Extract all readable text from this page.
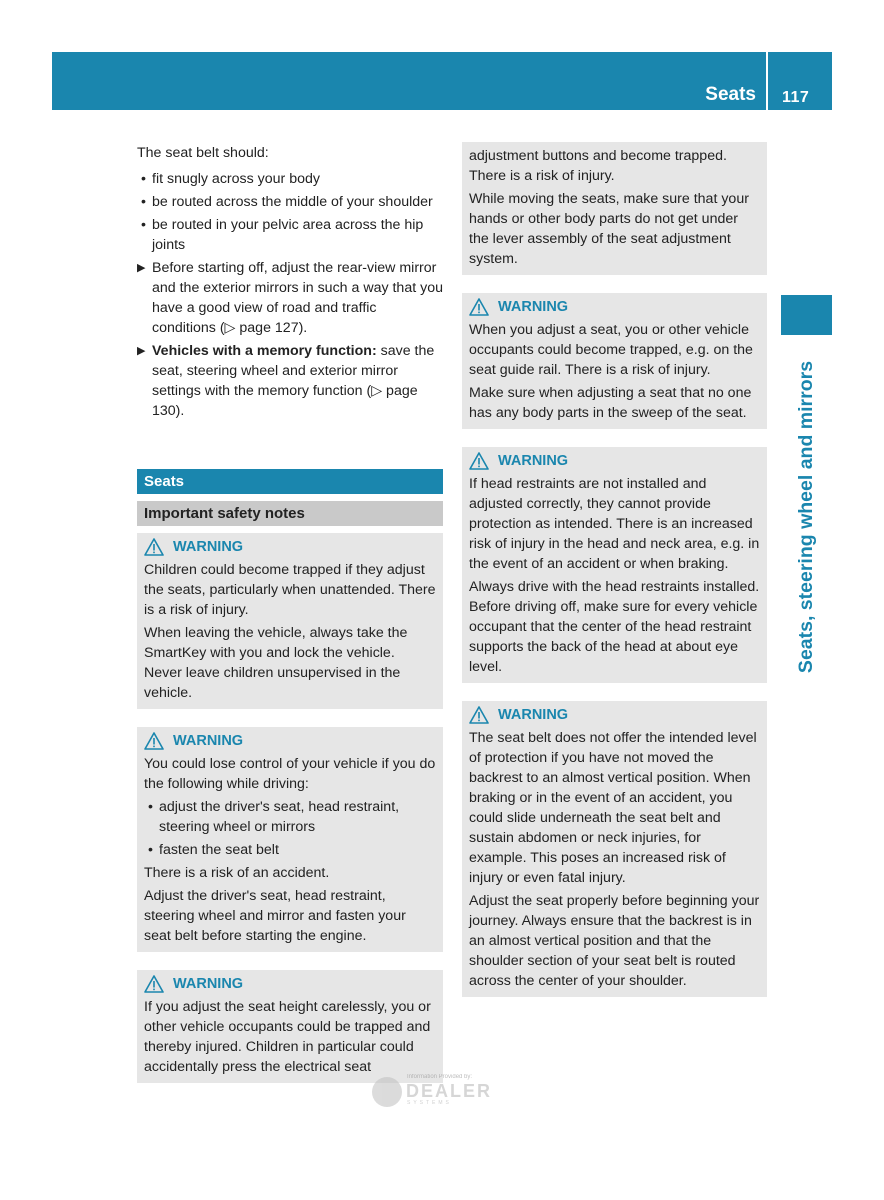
Seats 117
Seats, steering wheel and mirrors

The seat belt should:

• fit snugly across your body
• be routed across the middle of your shoulder
• be routed in your pelvic area across the hip joints
▶ Before starting off, adjust the rear-view mirror and the exterior mirrors in such a way that you have a good view of road and traffic conditions (▷ page 127).
▶ Vehicles with a memory function: save the seat, steering wheel and exterior mirror settings with the memory function (▷ page 130).
Seats
Important safety notes
WARNING

Children could become trapped if they adjust the seats, particularly when unattended. There is a risk of injury.

When leaving the vehicle, always take the SmartKey with you and lock the vehicle. Never leave children unsupervised in the vehicle.

WARNING

You could lose control of your vehicle if you do the following while driving:

• adjust the driver's seat, head restraint, steering wheel or mirrors
• fasten the seat belt

There is a risk of an accident.

Adjust the driver's seat, head restraint, steering wheel and mirror and fasten your seat belt before starting the engine.

WARNING

If you adjust the seat height carelessly, you or other vehicle occupants could be trapped and thereby injured. Children in particular could accidentally press the electrical seat

adjustment buttons and become trapped. There is a risk of injury.

While moving the seats, make sure that your hands or other body parts do not get under the lever assembly of the seat adjustment system.

WARNING

When you adjust a seat, you or other vehicle occupants could become trapped, e.g. on the seat guide rail. There is a risk of injury.

Make sure when adjusting a seat that no one has any body parts in the sweep of the seat.

WARNING

If head restraints are not installed and adjusted correctly, they cannot provide protection as intended. There is an increased risk of injury in the head and neck area, e.g. in the event of an accident or when braking.

Always drive with the head restraints installed. Before driving off, make sure for every vehicle occupant that the center of the head restraint supports the back of the head at about eye level.

WARNING

The seat belt does not offer the intended level of protection if you have not moved the backrest to an almost vertical position. When braking or in the event of an accident, you could slide underneath the seat belt and sustain abdomen or neck injuries, for example. This poses an increased risk of injury or even fatal injury.

Adjust the seat properly before beginning your journey. Always ensure that the backrest is in an almost vertical position and that the shoulder section of your seat belt is routed across the center of your shoulder.

Information Provided by:
DEALER
SYSTEMS
